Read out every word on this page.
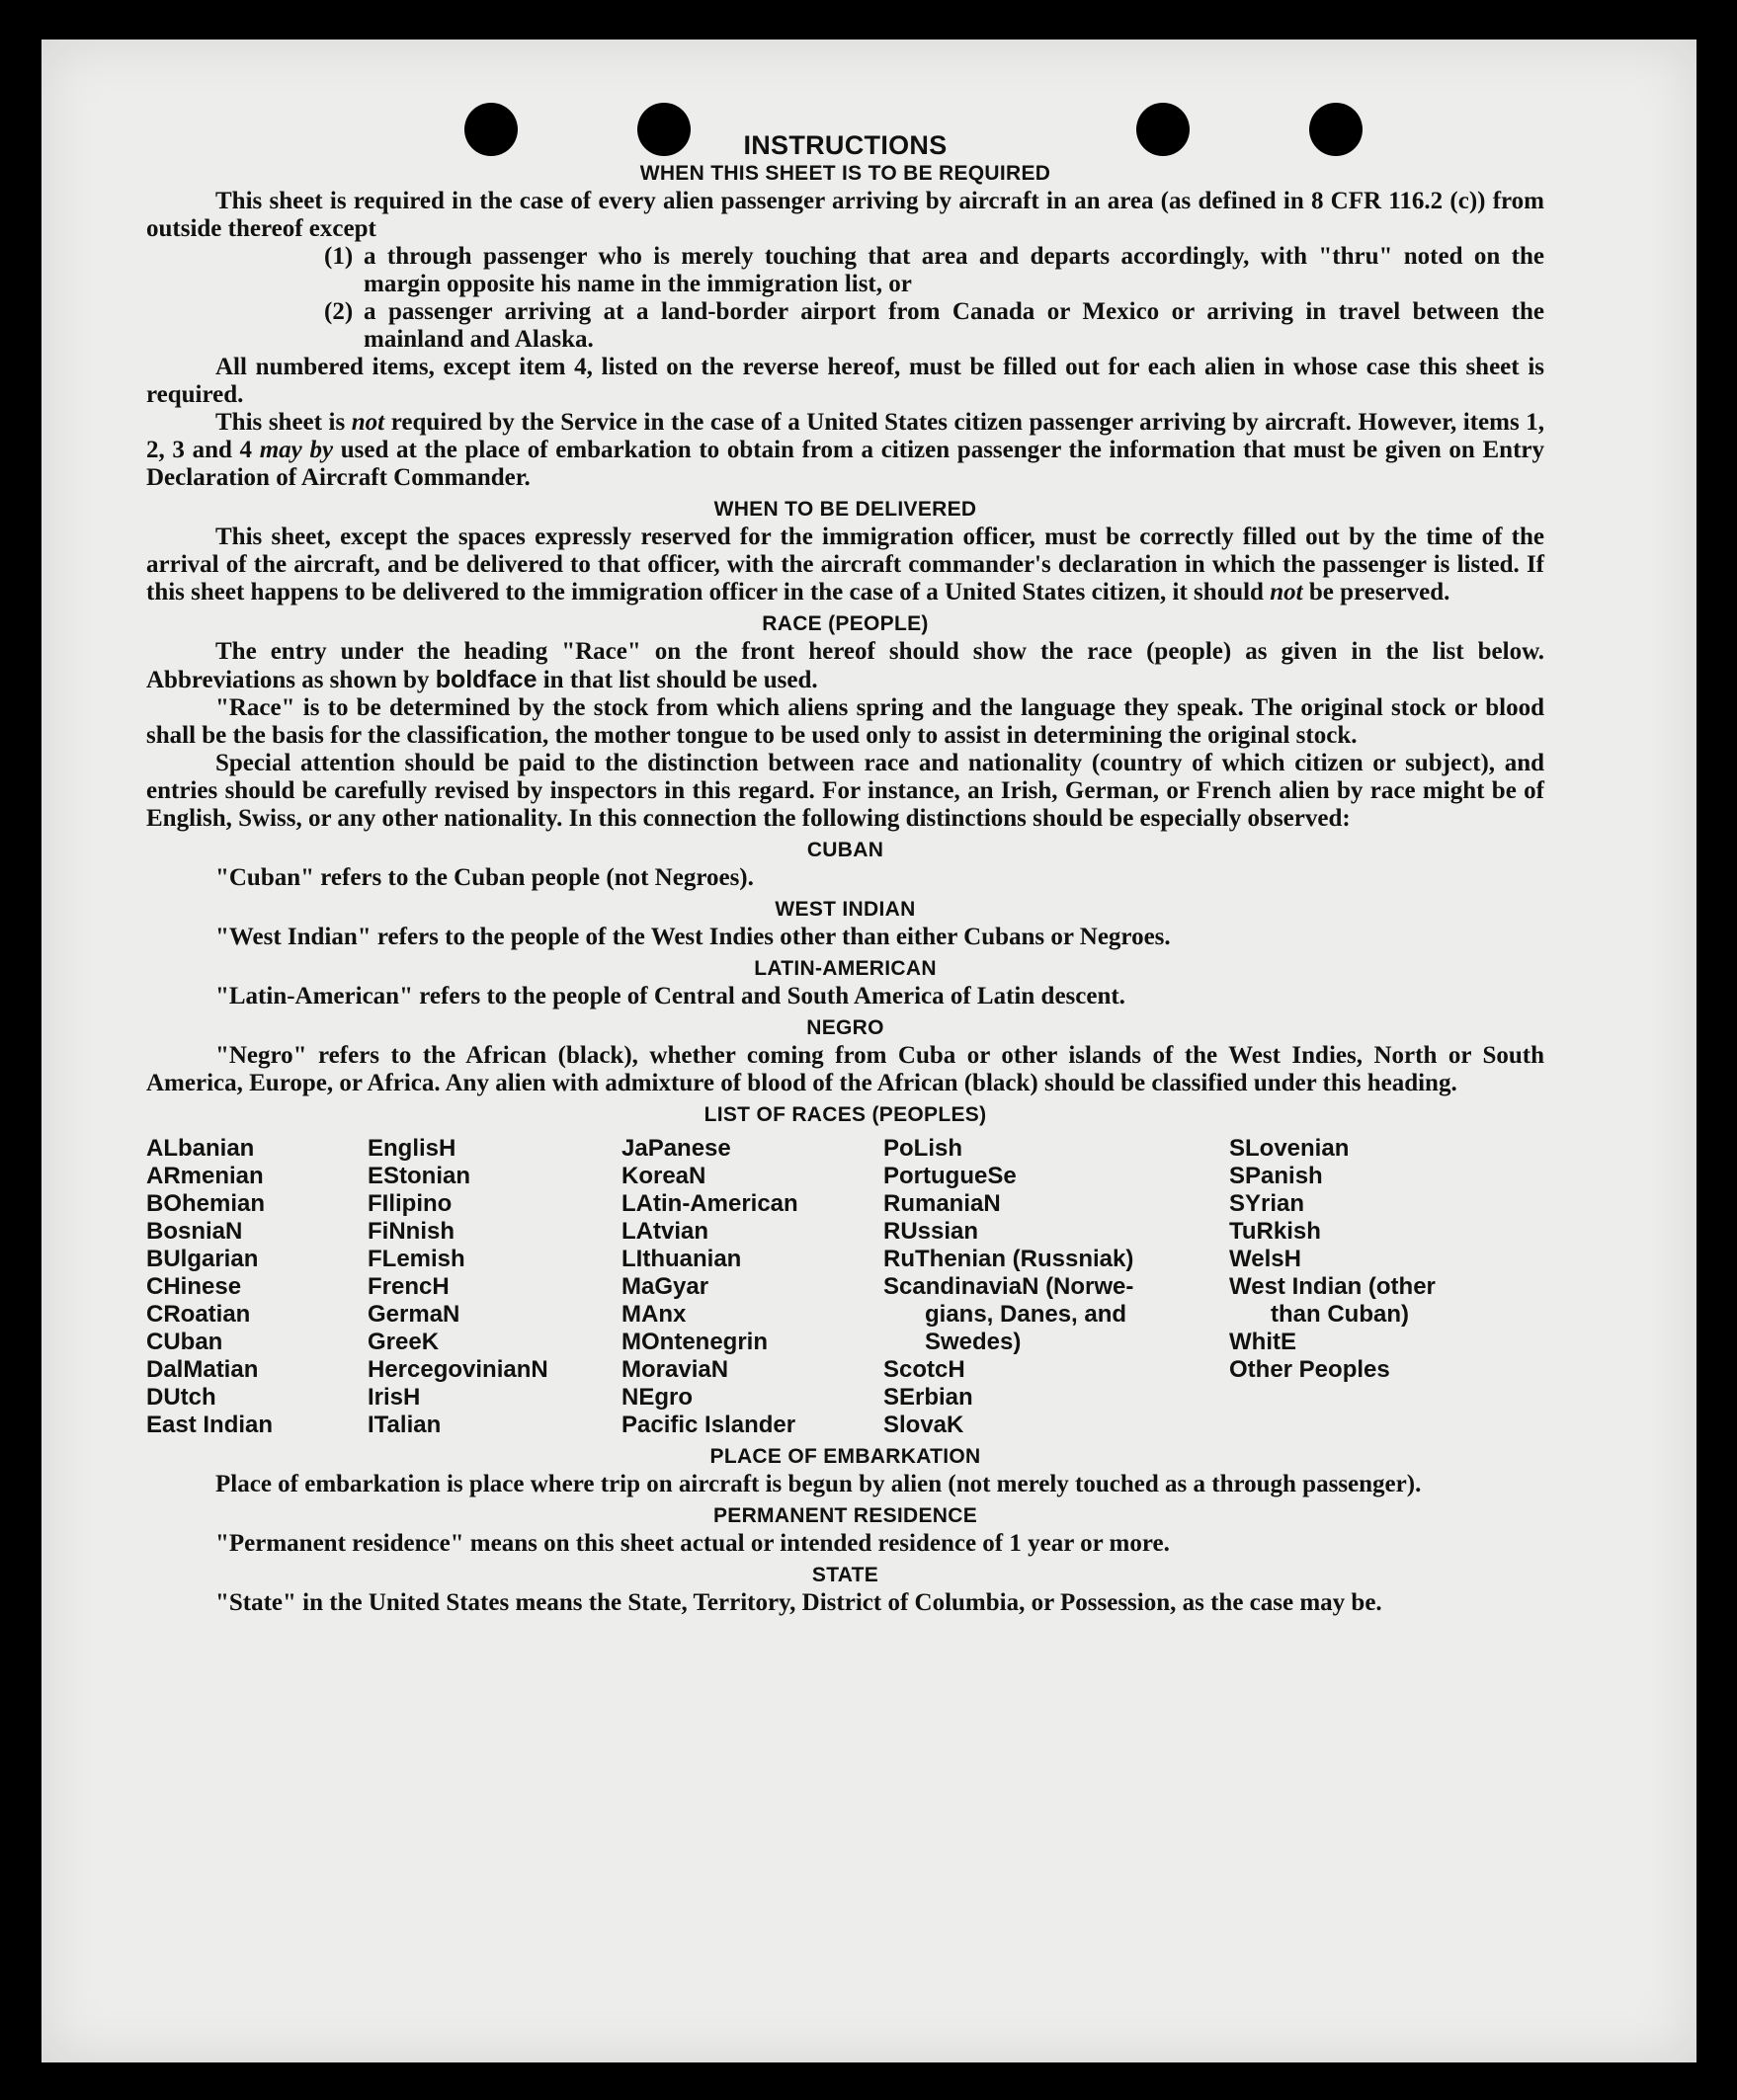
INSTRUCTIONS
WHEN THIS SHEET IS TO BE REQUIRED

This sheet is required in the case of every alien passenger arriving by aircraft in an area (as defined in 8 CFR 116.2 (c)) from outside thereof except

(1) a through passenger who is merely touching that area and departs accordingly, with "thru" noted on the margin opposite his name in the immigration list, or
(2) a passenger arriving at a land-border airport from Canada or Mexico or arriving in travel between the mainland and Alaska.

All numbered items, except item 4, listed on the reverse hereof, must be filled out for each alien in whose case this sheet is required.

This sheet is not required by the Service in the case of a United States citizen passenger arriving by aircraft. However, items 1, 2, 3 and 4 may by used at the place of embarkation to obtain from a citizen passenger the information that must be given on Entry Declaration of Aircraft Commander.

WHEN TO BE DELIVERED

This sheet, except the spaces expressly reserved for the immigration officer, must be correctly filled out by the time of the arrival of the aircraft, and be delivered to that officer, with the aircraft commander's declaration in which the passenger is listed. If this sheet happens to be delivered to the immigration officer in the case of a United States citizen, it should not be preserved.

RACE (PEOPLE)

The entry under the heading "Race" on the front hereof should show the race (people) as given in the list below. Abbreviations as shown by boldface in that list should be used.

"Race" is to be determined by the stock from which aliens spring and the language they speak. The original stock or blood shall be the basis for the classification, the mother tongue to be used only to assist in determining the original stock.

Special attention should be paid to the distinction between race and nationality (country of which citizen or subject), and entries should be carefully revised by inspectors in this regard. For instance, an Irish, German, or French alien by race might be of English, Swiss, or any other nationality. In this connection the following distinctions should be especially observed:

CUBAN

"Cuban" refers to the Cuban people (not Negroes).

WEST INDIAN

"West Indian" refers to the people of the West Indies other than either Cubans or Negroes.

LATIN-AMERICAN

"Latin-American" refers to the people of Central and South America of Latin descent.

NEGRO

"Negro" refers to the African (black), whether coming from Cuba or other islands of the West Indies, North or South America, Europe, or Africa. Any alien with admixture of blood of the African (black) should be classified under this heading.

LIST OF RACES (PEOPLES)
ALbanian
ARmenian
BOhemian
BosniaN
BUlgarian
CHinese
CRoatian
CUban
DalMatian
DUtch
East Indian
EnglisH
EStonian
FIlipino
FiNnish
FLemish
FrencH
GermaN
GreeK
HercegovinianN
IrisH
ITalian
JaPanese
KoreaN
LAtin-American
LAtvian
LIthuanian
MaGyar
MAnx
MOntenegrin
MoraviaN
NEgro
Pacific Islander
PoLish
PortugueSe
RumaniaN
RUssian
RuThenian (Russniak)
ScandinaviaN (Norwe-
gians, Danes, and
Swedes)
ScotcH
SErbian
SlovaK
SLovenian
SPanish
SYrian
TuRkish
WelsH
West Indian (other
than Cuban)
WhitE
Other Peoples
PLACE OF EMBARKATION

Place of embarkation is place where trip on aircraft is begun by alien (not merely touched as a through passenger).

PERMANENT RESIDENCE

"Permanent residence" means on this sheet actual or intended residence of 1 year or more.

STATE

"State" in the United States means the State, Territory, District of Columbia, or Possession, as the case may be.
